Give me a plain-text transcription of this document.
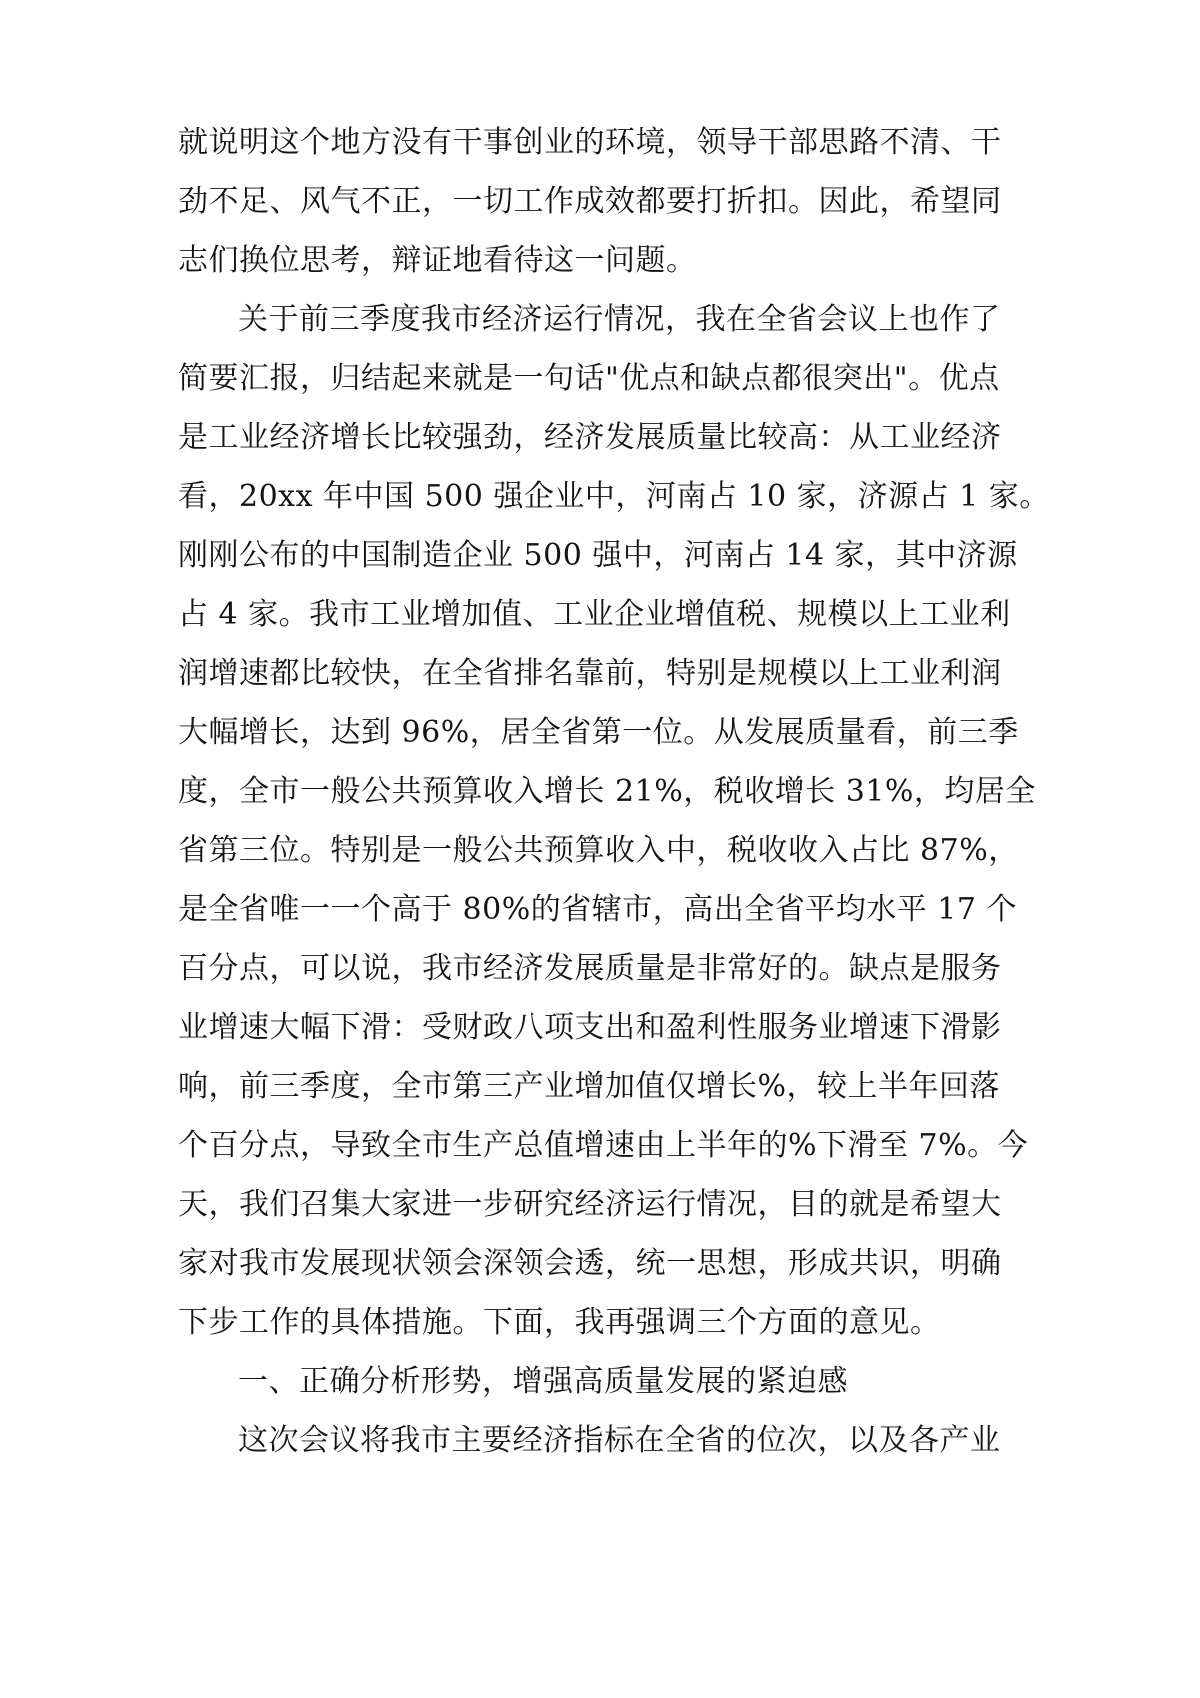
就说明这个地方没有干事创业的环境，领导干部思路不清、干
劲不足、风气不正，一切工作成效都要打折扣。因此，希望同
志们换位思考，辩证地看待这一问题。
关于前三季度我市经济运行情况，我在全省会议上也作了
简要汇报，归结起来就是一句话"优点和缺点都很突出"。优点
是工业经济增长比较强劲，经济发展质量比较高：从工业经济
看，20xx 年中国 500 强企业中，河南占 10 家，济源占 1 家。
刚刚公布的中国制造企业 500 强中，河南占 14 家，其中济源
占 4 家。我市工业增加值、工业企业增值税、规模以上工业利
润增速都比较快，在全省排名靠前，特别是规模以上工业利润
大幅增长，达到 96%，居全省第一位。从发展质量看，前三季
度，全市一般公共预算收入增长 21%，税收增长 31%，均居全
省第三位。特别是一般公共预算收入中，税收收入占比 87%，
是全省唯一一个高于 80%的省辖市，高出全省平均水平 17 个
百分点，可以说，我市经济发展质量是非常好的。缺点是服务
业增速大幅下滑：受财政八项支出和盈利性服务业增速下滑影
响，前三季度，全市第三产业增加值仅增长%，较上半年回落
个百分点，导致全市生产总值增速由上半年的%下滑至 7%。今
天，我们召集大家进一步研究经济运行情况，目的就是希望大
家对我市发展现状领会深领会透，统一思想，形成共识，明确
下步工作的具体措施。下面，我再强调三个方面的意见。
一、正确分析形势，增强高质量发展的紧迫感
这次会议将我市主要经济指标在全省的位次，以及各产业
